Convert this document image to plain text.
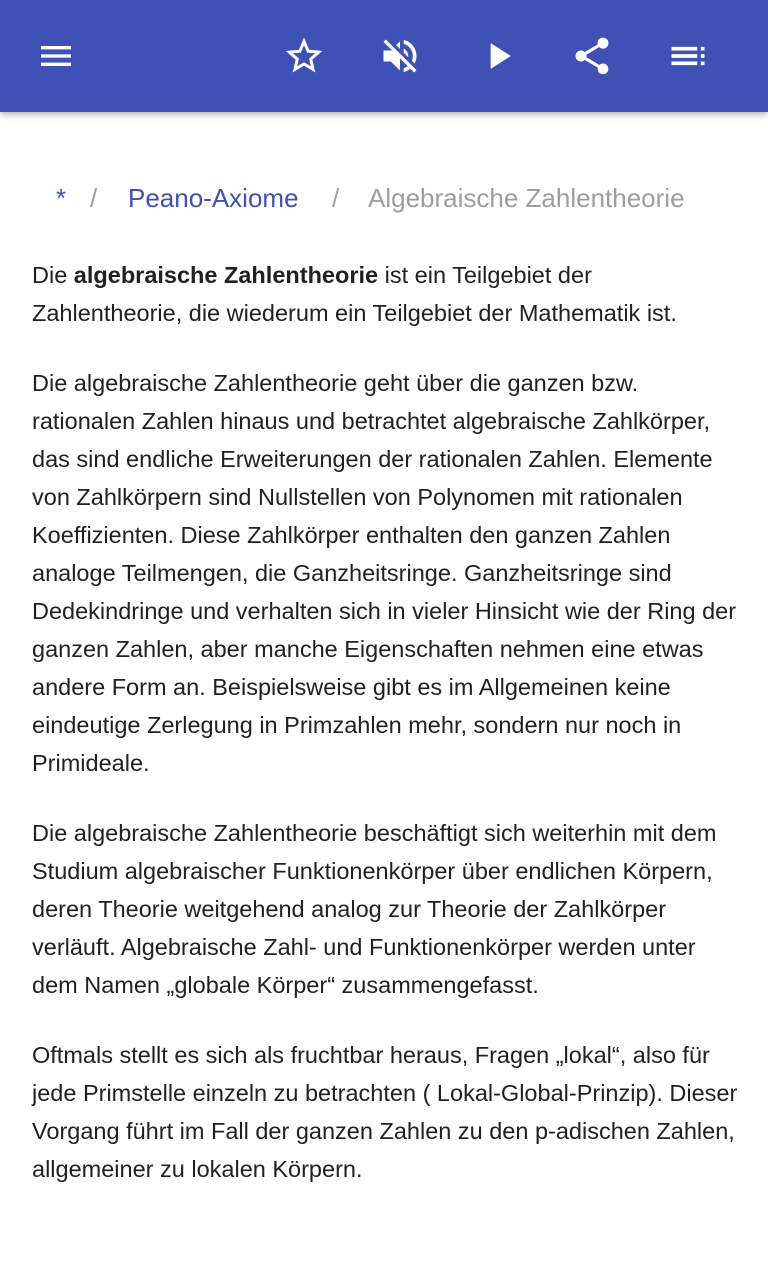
* / Peano-Axiome / Algebraische Zahlentheorie

Die algebraische Zahlentheorie ist ein Teilgebiet der Zahlentheorie, die wiederum ein Teilgebiet der Mathematik ist.

Die algebraische Zahlentheorie geht über die ganzen bzw. rationalen Zahlen hinaus und betrachtet algebraische Zahlkörper, das sind endliche Erweiterungen der rationalen Zahlen. Elemente von Zahlkörpern sind Nullstellen von Polynomen mit rationalen Koeffizienten. Diese Zahlkörper enthalten den ganzen Zahlen analoge Teilmengen, die Ganzheitsringe. Ganzheitsringe sind Dedekindringe und verhalten sich in vieler Hinsicht wie der Ring der ganzen Zahlen, aber manche Eigenschaften nehmen eine etwas andere Form an. Beispielsweise gibt es im Allgemeinen keine eindeutige Zerlegung in Primzahlen mehr, sondern nur noch in Primideale.

Die algebraische Zahlentheorie beschäftigt sich weiterhin mit dem Studium algebraischer Funktionenkörper über endlichen Körpern, deren Theorie weitgehend analog zur Theorie der Zahlkörper verläuft. Algebraische Zahl- und Funktionenkörper werden unter dem Namen „globale Körper“ zusammengefasst.

Oftmals stellt es sich als fruchtbar heraus, Fragen „lokal“, also für jede Primstelle einzeln zu betrachten ( Lokal-Global-Prinzip). Dieser Vorgang führt im Fall der ganzen Zahlen zu den p-adischen Zahlen, allgemeiner zu lokalen Körpern.
